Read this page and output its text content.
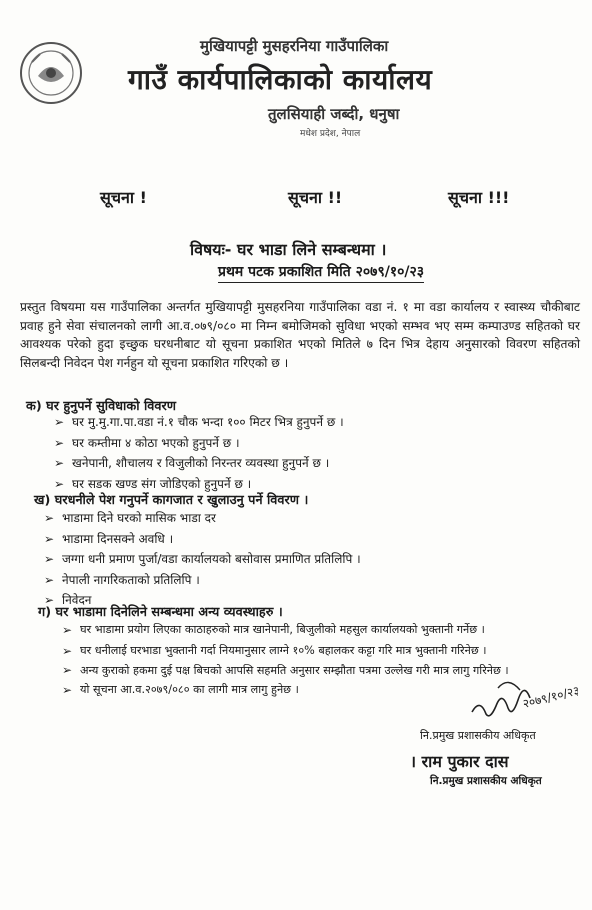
मुखियापट्टी मुसहरनिया गाउँपालिका
गाउँ कार्यपालिकाको कार्यालय
तुलसियाही जब्दी, धनुषा
मधेश प्रदेश, नेपाल
सूचना !	सूचना !!	सूचना !!!
विषयः- घर भाडा लिने सम्बन्धमा ।
प्रथम पटक प्रकाशित मिति २०७९/१०/२३
प्रस्तुत विषयमा यस गाउँपालिका अन्तर्गत मुखियापट्टी मुसहरनिया गाउँपालिका वडा नं. १ मा वडा कार्यालय र स्वास्थ्य चौकीबाट प्रवाह हुने सेवा संचालनको लागी आ.व.०७९/०८० मा निम्न बमोजिमको सुविधा भएको सम्भव भए सम्म कम्पाउण्ड सहितको घर आवश्यक परेको हुदा इच्छुक घरधनीबाट यो सूचना प्रकाशित भएको मितिले ७ दिन भित्र देहाय अनुसारको विवरण सहितको सिलबन्दी निवेदन पेश गर्नहुन यो सूचना प्रकाशित गरिएको छ ।
क) घर हुनुपर्ने सुविधाको विवरण
➢ घर मु.मु.गा.पा.वडा नं.१ चौक भन्दा १०० मिटर भित्र हुनुपर्ने छ ।
➢ घर कम्तीमा ४ कोठा भएको हुनुपर्ने छ ।
➢ खनेपानी, शौचालय र विजुलीको निरन्तर व्यवस्था हुनुपर्ने छ ।
➢ घर सडक खण्ड संग जोडिएको हुनुपर्ने छ ।
ख) घरधनीले पेश गनुपर्ने कागजात र खुलाउनु पर्ने विवरण ।
➢ भाडामा दिने घरको मासिक भाडा दर
➢ भाडामा दिनसक्ने अवधि ।
➢ जग्गा धनी प्रमाण पुर्जा/वडा कार्यालयको बसोवास प्रमाणित प्रतिलिपि ।
➢ नेपाली नागरिकताको प्रतिलिपि ।
➢ निवेदन
ग) घर भाडामा दिनेलिने सम्बन्धमा अन्य व्यवस्थाहरु ।
➢ घर भाडामा प्रयोग लिएका काठाहरुको मात्र खानेपानी, बिजुलीको महसुल कार्यालयको भुक्तानी गर्नेछ ।
➢ घर धनीलाई घरभाडा भुक्तानी गर्दा नियमानुसार लाग्ने १०% बहालकर कट्टा गरि मात्र भुक्तानी गरिनेछ ।
➢ अन्य कुराको हकमा दुई पक्ष बिचको आपसि सहमति अनुसार सम्झौता पत्रमा उल्लेख गरी मात्र लागु गरिनेछ ।
➢ यो सूचना आ.व.२०७९/०८० का लागी मात्र लागु हुनेछ ।	२०७९/१०/२३
नि.प्रमुख प्रशासकीय अधिकृत
। राम पुकार दास
नि.प्रमुख प्रशासकीय अधिकृत
